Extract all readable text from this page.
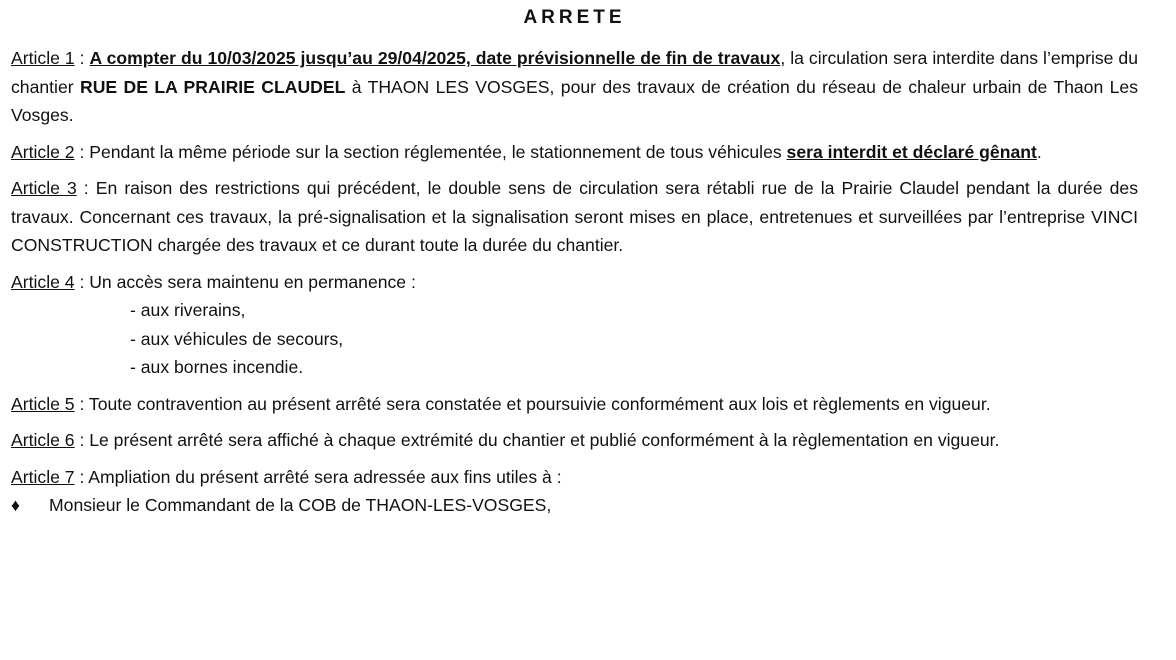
ARRETE

Article 1 : A compter du 10/03/2025 jusqu’au 29/04/2025, date prévisionnelle de fin de travaux, la circulation sera interdite dans l’emprise du chantier RUE DE LA PRAIRIE CLAUDEL à THAON LES VOSGES, pour des travaux de création du réseau de chaleur urbain de Thaon Les Vosges.

Article 2 : Pendant la même période sur la section réglementée, le stationnement de tous véhicules sera interdit et déclaré gênant.

Article 3 : En raison des restrictions qui précédent, le double sens de circulation sera rétabli rue de la Prairie Claudel pendant la durée des travaux. Concernant ces travaux, la pré-signalisation et la signalisation seront mises en place, entretenues et surveillées par l’entreprise VINCI CONSTRUCTION chargée des travaux et ce durant toute la durée du chantier.

Article 4 : Un accès sera maintenu en permanence :

- aux riverains,
- aux véhicules de secours,
- aux bornes incendie.

Article 5 : Toute contravention au présent arrêté sera constatée et poursuivie conformément aux lois et règlements en vigueur.

Article 6 : Le présent arrêté sera affiché à chaque extrémité du chantier et publié conformément à la règlementation en vigueur.

Article 7 : Ampliation du présent arrêté sera adressée aux fins utiles à :

♦	Monsieur le Commandant de la COB de THAON-LES-VOSGES,
